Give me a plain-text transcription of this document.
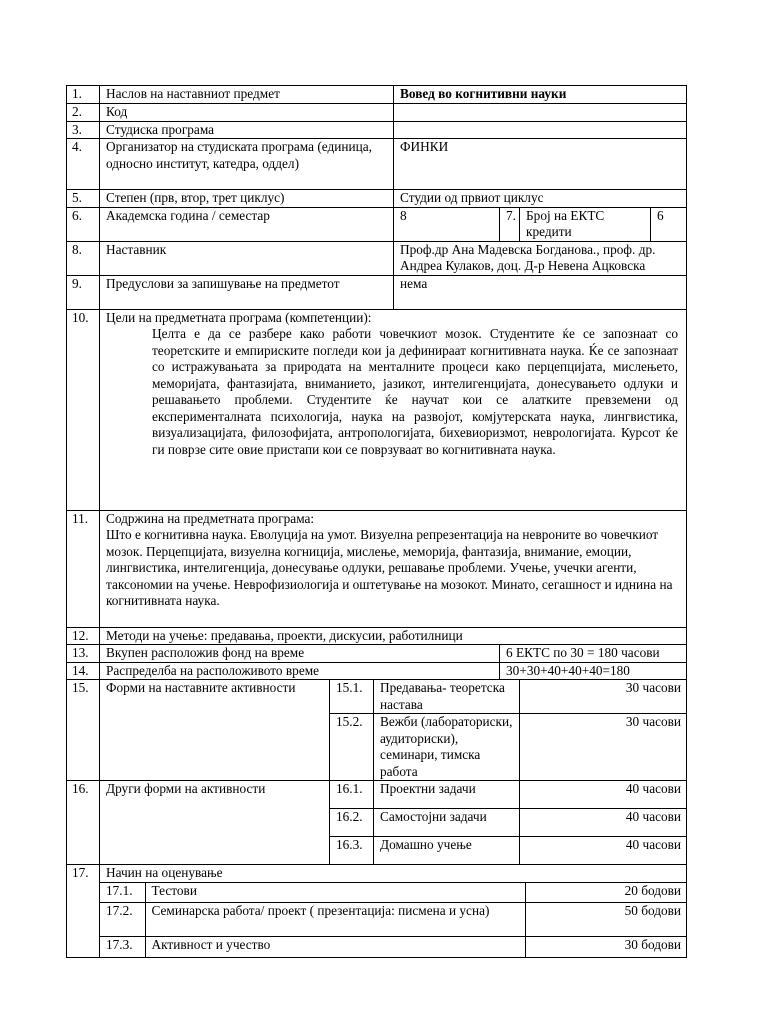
1.	Наслов на наставниот предмет	Вовед во когнитивни науки
2.	Код	
3.	Студиска програма	
4.	Организатор на студиската програма (единица, односно институт, катедра, оддел)	ФИНКИ
5.	Степен (прв, втор, трет циклус)	Студии од првиот циклус
6.	Академска година / семестар	8	7.	Број на ЕКТС кредити	6
8.	Наставник	Проф.др Ана Мадевска Богданова., проф. др. Андреа Кулаков, доц. Д-р Невена Ацковска
9.	Предуслови за запишување на предметот	нема
10.	Цели на предметната програма (компетенции):
Целта е да се разбере како работи човечкиот мозок. Студентите ќе се запознаат со теоретските и емпириските погледи кои ја дефинираат когнитивната наука. Ќе се запознаат со истражувањата за природата на менталните процеси како перцепцијата, мислењето, меморијата, фантазијата, вниманието, јазикот, интелигенцијата, донесувањето одлуки и решавањето проблеми. Студентите ќе научат кои се алатките превземени од експерименталната психологија, наука на развојот, комјутерската наука, лингвистика, визуализацијата, филозофијата, антропологијата, бихевиоризмот, неврологијата. Курсот ќе ги поврзе сите овие пристапи кои се поврзуваат во когнитивната наука.

11.	Содржина на предметната програма:
Што е когнитивна наука. Еволуција на умот. Визуелна репрезентација на невроните во човечкиот мозок. Перцепцијата, визуелна когниција, мислење, меморија, фантазија, внимание, емоции, лингвистика, интелигенција, донесување одлуки, решавање проблеми. Учење, учечки агенти, таксономии на учење. Неврофизиологија и оштетување на мозокот. Минато, сегашност и иднина на когнитивната наука.

12.	Методи на учење: предавања, проекти, дискусии, работилници
13.	Вкупен расположив фонд на време	6 ЕКТС по 30 = 180 часови
14.	Распределба на расположивото време	30+30+40+40+40=180
15.	Форми на наставните активности	15.1.	Предавања- теоретска настава	30 часови
15.2.	Вежби (лабораториски, аудиториски), семинари, тимска работа	30 часови
16.	Други форми на активности	16.1.	Проектни задачи	40 часови
16.2.	Самостојни задачи	40 часови
16.3.	Домашно учење	40 часови
17.	Начин на оценување

17.1.	Тестови	20 бодови
17.2.	Семинарска работа/ проект ( презентација: писмена и усна)	50 бодови
17.3.	Активност и учество	30 бодови
